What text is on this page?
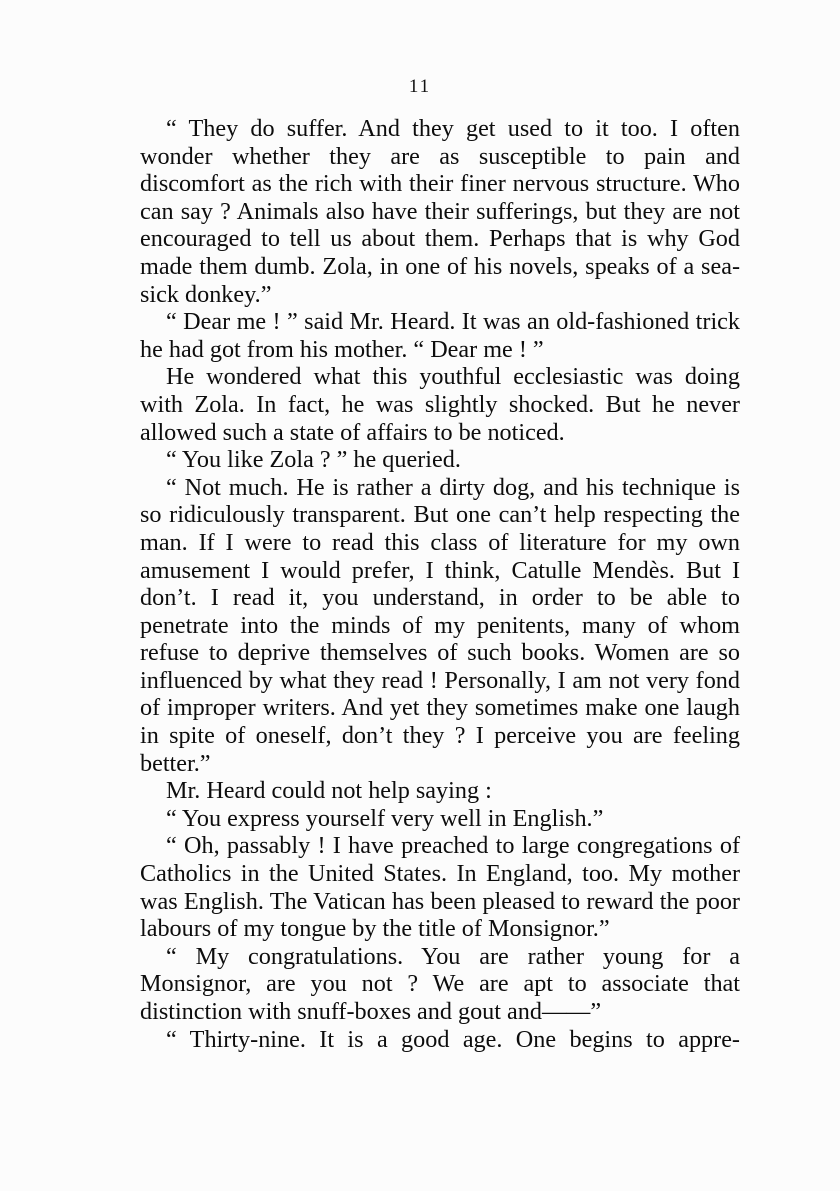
11

“ They do suffer. And they get used to it too. I often wonder whether they are as susceptible to pain and discomfort as the rich with their finer nervous structure. Who can say ? Animals also have their sufferings, but they are not encouraged to tell us about them. Perhaps that is why God made them dumb. Zola, in one of his novels, speaks of a sea-sick donkey.”

“ Dear me ! ” said Mr. Heard. It was an old-fashioned trick he had got from his mother. “ Dear me ! ”

He wondered what this youthful ecclesiastic was doing with Zola. In fact, he was slightly shocked. But he never allowed such a state of affairs to be noticed.

“ You like Zola ? ” he queried.

“ Not much. He is rather a dirty dog, and his technique is so ridiculously transparent. But one can’t help respecting the man. If I were to read this class of literature for my own amusement I would prefer, I think, Catulle Mendès. But I don’t. I read it, you understand, in order to be able to penetrate into the minds of my penitents, many of whom refuse to deprive themselves of such books. Women are so influenced by what they read ! Personally, I am not very fond of improper writers. And yet they sometimes make one laugh in spite of oneself, don’t they ? I perceive you are feeling better.”

Mr. Heard could not help saying :

“ You express yourself very well in English.”

“ Oh, passably ! I have preached to large congregations of Catholics in the United States. In England, too. My mother was English. The Vatican has been pleased to reward the poor labours of my tongue by the title of Monsignor.”

“ My congratulations. You are rather young for a Monsignor, are you not ? We are apt to associate that distinction with snuff-boxes and gout and——”

“ Thirty-nine. It is a good age. One begins to appre-
